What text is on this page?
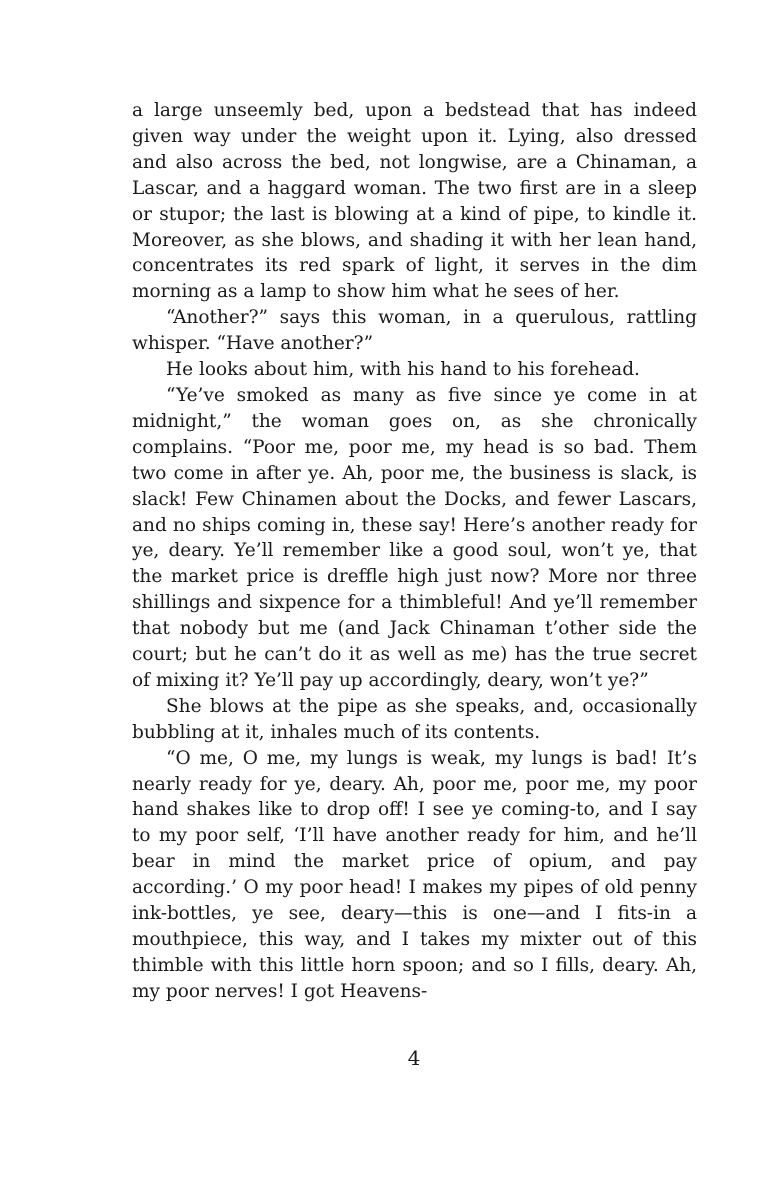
a large unseemly bed, upon a bedstead that has indeed given way under the weight upon it. Lying, also dressed and also across the bed, not longwise, are a Chinaman, a Lascar, and a haggard woman. The two first are in a sleep or stupor; the last is blowing at a kind of pipe, to kindle it. Moreover, as she blows, and shading it with her lean hand, concentrates its red spark of light, it serves in the dim morning as a lamp to show him what he sees of her.

“Another?” says this woman, in a querulous, rattling whisper. “Have another?”

He looks about him, with his hand to his forehead.

“Ye’ve smoked as many as five since ye come in at midnight,” the woman goes on, as she chronically complains. “Poor me, poor me, my head is so bad. Them two come in after ye. Ah, poor me, the business is slack, is slack! Few Chinamen about the Docks, and fewer Lascars, and no ships coming in, these say! Here’s another ready for ye, deary. Ye’ll remember like a good soul, won’t ye, that the market price is dreffle high just now? More nor three shillings and sixpence for a thimbleful! And ye’ll remember that nobody but me (and Jack Chinaman t’other side the court; but he can’t do it as well as me) has the true secret of mixing it? Ye’ll pay up accordingly, deary, won’t ye?”

She blows at the pipe as she speaks, and, occasionally bubbling at it, inhales much of its contents.

“O me, O me, my lungs is weak, my lungs is bad! It’s nearly ready for ye, deary. Ah, poor me, poor me, my poor hand shakes like to drop off! I see ye coming-to, and I say to my poor self, ‘I’ll have another ready for him, and he’ll bear in mind the market price of opium, and pay according.’ O my poor head! I makes my pipes of old penny ink-bottles, ye see, deary—this is one—and I fits-in a mouthpiece, this way, and I takes my mixter out of this thimble with this little horn spoon; and so I fills, deary. Ah, my poor nerves! I got Heavens-

4
